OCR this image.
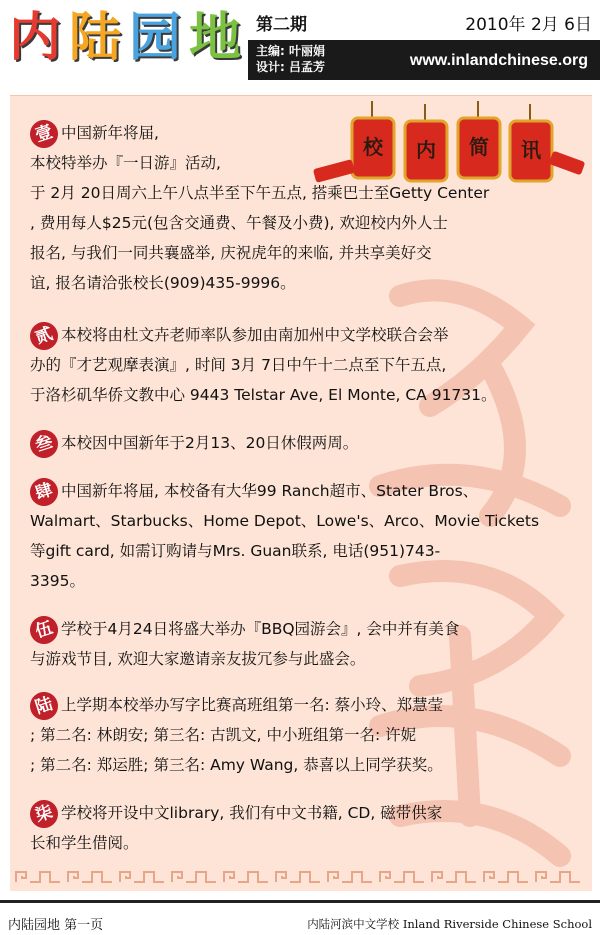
内 陆 园 地 第二期	2010年 2月 6日
主编: 叶丽娟
设计: 吕孟芳	www.inlandchinese.org
校 内 简 讯

壹 中国新年将届,

本校特举办『一日游』活动,

于 2月 20日周六上午八点半至下午五点, 搭乘巴士至Getty Center

, 费用每人$25元(包含交通费、午餐及小费), 欢迎校内外人士

报名, 与我们一同共襄盛举, 庆祝虎年的来临, 并共享美好交

谊, 报名请洽张校长(909)435-9996。

贰 本校将由杜文卉老师率队参加由南加州中文学校联合会举

办的『才艺观摩表演』, 时间 3月 7日中午十二点至下午五点,

于洛杉矶华侨文教中心 9443 Telstar Ave, El Monte, CA 91731。

叁 本校因中国新年于2月13、20日休假两周。

肆 中国新年将届, 本校备有大华99 Ranch超市、Stater Bros、

Walmart、Starbucks、Home Depot、Lowe's、Arco、Movie Tickets

等gift card, 如需订购请与Mrs. Guan联系, 电话(951)743-

3395。

伍 学校于4月24日将盛大举办『BBQ园游会』, 会中并有美食

与游戏节目, 欢迎大家邀请亲友拔冗参与此盛会。

陆 上学期本校举办写字比赛高班组第一名: 蔡小玲、郑慧莹

; 第二名: 林朗安; 第三名: 古凯文, 中小班组第一名: 许妮

; 第二名: 郑运胜; 第三名: Amy Wang, 恭喜以上同学获奖。

柒 学校将开设中文library, 我们有中文书籍, CD, 磁带供家

长和学生借阅。

内陆园地 第一页	内陆河滨中文学校 Inland Riverside Chinese School
